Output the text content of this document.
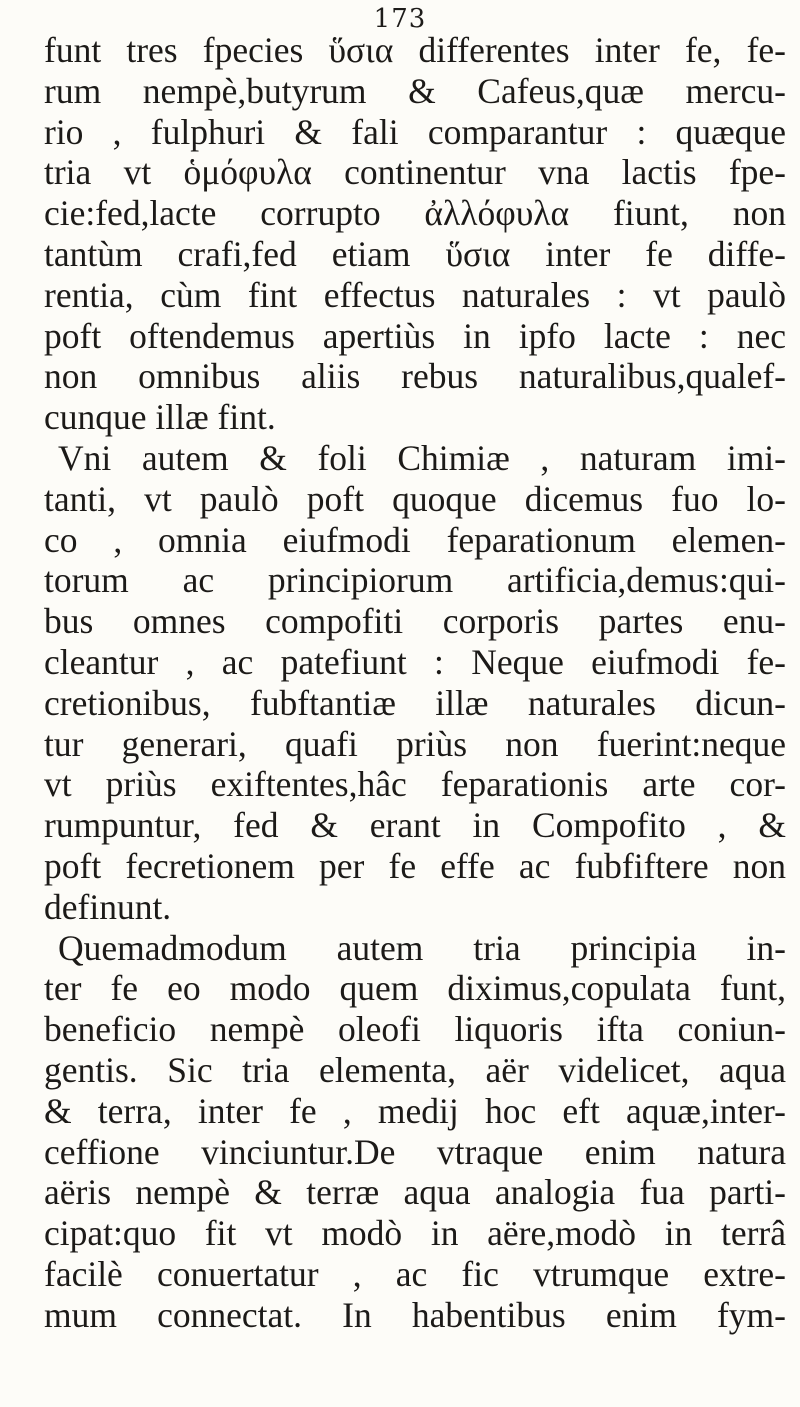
173
funt tres fpecies ὕσια differentes inter fe, fe-
rum nempè,butyrum & Cafeus,quæ mercu-
rio , fulphuri & fali comparantur : quæque
tria vt ὁμόφυλα continentur vna lactis fpe-
cie:fed,lacte corrupto ἀλλόφυλα fiunt, non
tantùm crafi,fed etiam ὕσια inter fe diffe-
rentia, cùm fint effectus naturales : vt paulò
poft oftendemus apertiùs in ipfo lacte : nec
non omnibus aliis rebus naturalibus,qualef-
cunque illæ fint.
Vni autem & foli Chimiæ , naturam imi-
tanti, vt paulò poft quoque dicemus fuo lo-
co , omnia eiufmodi feparationum elemen-
torum ac principiorum artificia,demus:qui-
bus omnes compofiti corporis partes enu-
cleantur , ac patefiunt : Neque eiufmodi fe-
cretionibus, fubftantiæ illæ naturales dicun-
tur generari, quafi priùs non fuerint:neque
vt priùs exiftentes,hâc feparationis arte cor-
rumpuntur, fed & erant in Compofito , &
poft fecretionem per fe effe ac fubfiftere non
definunt.
Quemadmodum autem tria principia in-
ter fe eo modo quem diximus,copulata funt,
beneficio nempè oleofi liquoris ifta coniun-
gentis. Sic tria elementa, aër videlicet, aqua
& terra, inter fe , medij hoc eft aquæ,inter-
ceffione vinciuntur.De vtraque enim natura
aëris nempè & terræ aqua analogia fua parti-
cipat:quo fit vt modò in aëre,modò in terrâ
facilè conuertatur , ac fic vtrumque extre-
mum connectat. In habentibus enim fym-
